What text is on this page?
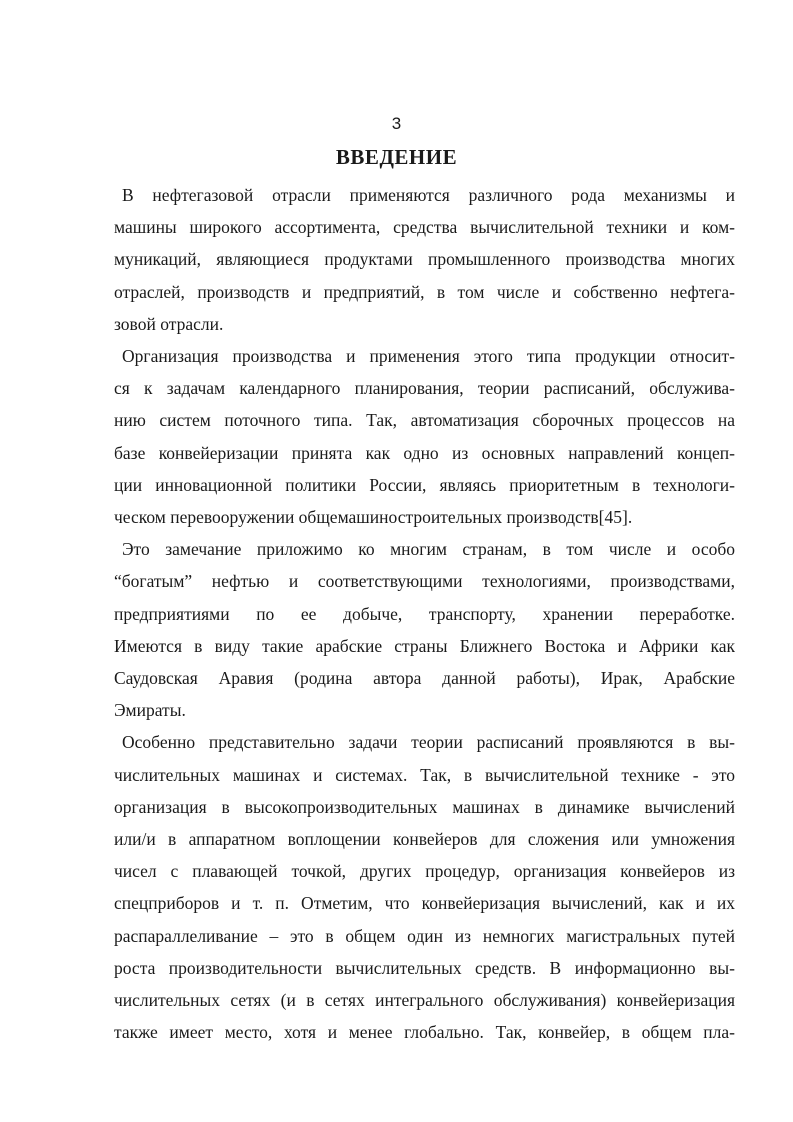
3
ВВЕДЕНИЕ
В нефтегазовой отрасли применяются различного рода механизмы и
машины широкого ассортимента, средства вычислительной техники и ком-
муникаций, являющиеся продуктами промышленного производства многих
отраслей, производств и предприятий, в том числе и собственно нефтега-
зовой отрасли.
Организация производства и применения этого типа продукции относит-
ся к задачам календарного планирования, теории расписаний, обслужива-
нию систем поточного типа. Так, автоматизация сборочных процессов на
базе конвейеризации принята как одно из основных направлений концеп-
ции инновационной политики России, являясь приоритетным в технологи-
ческом перевооружении общемашиностроительных производств[45].
Это замечание приложимо ко многим странам, в том числе и особо
“богатым” нефтью и соответствующими технологиями, производствами,
предприятиями по ее добыче, транспорту, хранении переработке.
Имеются в виду такие арабские страны Ближнего Востока и Африки как
Саудовская Аравия (родина автора данной работы), Ирак, Арабские
Эмираты.
Особенно представительно задачи теории расписаний проявляются в вы-
числительных машинах и системах. Так, в вычислительной технике - это
организация в высокопроизводительных машинах в динамике вычислений
или/и в аппаратном воплощении конвейеров для сложения или умножения
чисел с плавающей точкой, других процедур, организация конвейеров из
спецприборов и т. п. Отметим, что конвейеризация вычислений, как и их
распараллеливание – это в общем один из немногих магистральных путей
роста производительности вычислительных средств. В информационно вы-
числительных сетях (и в сетях интегрального обслуживания) конвейеризация
также имеет место, хотя и менее глобально. Так, конвейер, в общем пла-
